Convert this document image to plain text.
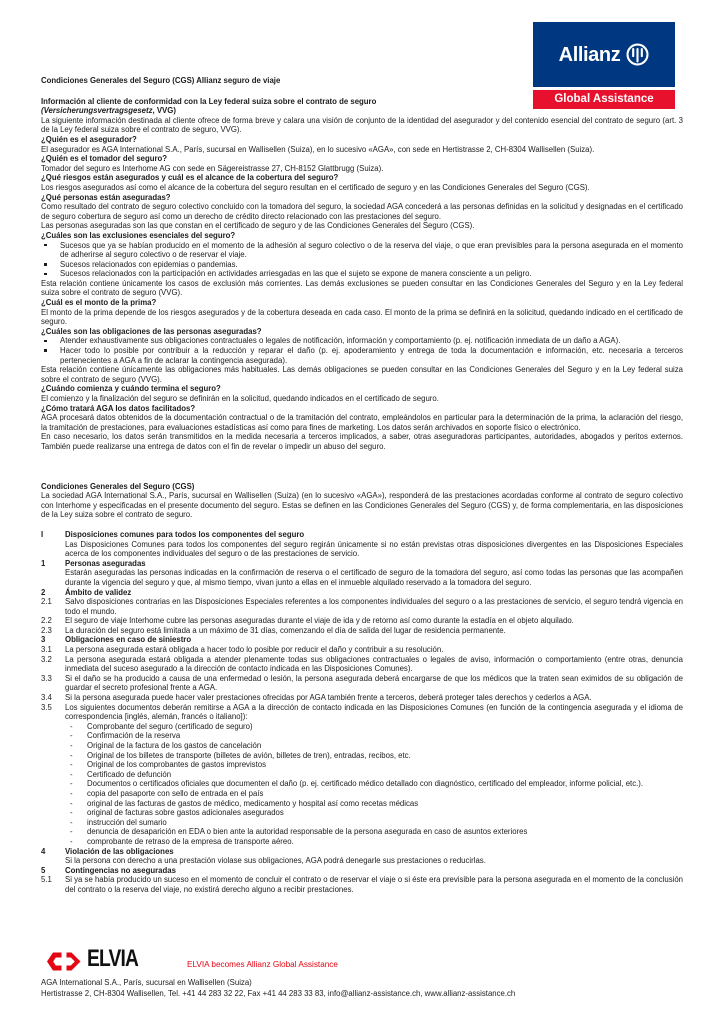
Allianz
Global Assistance
Condiciones Generales del Seguro (CGS) Allianz seguro de viaje
Información al cliente de conformidad con la Ley federal suiza sobre el contrato de seguro
(Versicherungsvertragsgesetz, VVG)
La siguiente información destinada al cliente ofrece de forma breve y calara una visión de conjunto de la identidad del asegurador y del contenido esencial del contrato de seguro (art. 3 de la Ley federal suiza sobre el contrato de seguro, VVG).
¿Quién es el asegurador?
El asegurador es AGA International S.A., París, sucursal en Wallisellen (Suiza), en lo sucesivo «AGA», con sede en Hertistrasse 2, CH-8304 Wallisellen (Suiza).
¿Quién es el tomador del seguro?
Tomador del seguro es Interhome AG con sede en Sägereistrasse 27, CH-8152 Glattbrugg (Suiza).
¿Qué riesgos están asegurados y cuál es el alcance de la cobertura del seguro?
Los riesgos asegurados así como el alcance de la cobertura del seguro resultan en el certificado de seguro y en las Condiciones Generales del Seguro (CGS).
¿Qué personas están aseguradas?
Como resultado del contrato de seguro colectivo concluido con la tomadora del seguro, la sociedad AGA concederá a las personas definidas en la solicitud y designadas en el certificado de seguro cobertura de seguro así como un derecho de crédito directo relacionado con las prestaciones del seguro.
Las personas aseguradas son las que constan en el certificado de seguro y de las Condiciones Generales del Seguro (CGS).
¿Cuáles son las exclusiones esenciales del seguro?
Sucesos que ya se habían producido en el momento de la adhesión al seguro colectivo o de la reserva del viaje, o que eran previsibles para la persona asegurada en el momento de adherirse al seguro colectivo o de reservar el viaje.
Sucesos relacionados con epidemias o pandemias.
Sucesos relacionados con la participación en actividades arriesgadas en las que el sujeto se expone de manera consciente a un peligro.
Esta relación contiene únicamente los casos de exclusión más corrientes. Las demás exclusiones se pueden consultar en las Condiciones Generales del Seguro y en la Ley federal suiza sobre el contrato de seguro (VVG).
¿Cuál es el monto de la prima?
El monto de la prima depende de los riesgos asegurados y de la cobertura deseada en cada caso. El monto de la prima se definirá en la solicitud, quedando indicado en el certificado de seguro.
¿Cuáles son las obligaciones de las personas aseguradas?
Atender exhaustivamente sus obligaciones contractuales o legales de notificación, información y comportamiento (p. ej. notificación inmediata de un daño a AGA).
Hacer todo lo posible por contribuir a la reducción y reparar el daño (p. ej. apoderamiento y entrega de toda la documentación e información, etc. necesaria a terceros pertenecientes a AGA a fin de aclarar la contingencia asegurada).
Esta relación contiene únicamente las obligaciones más habituales. Las demás obligaciones se pueden consultar en las Condiciones Generales del Seguro y en la Ley federal suiza sobre el contrato de seguro (VVG).
¿Cuándo comienza y cuándo termina el seguro?
El comienzo y la finalización del seguro se definirán en la solicitud, quedando indicados en el certificado de seguro.
¿Cómo tratará AGA los datos facilitados?
AGA procesará datos obtenidos de la documentación contractual o de la tramitación del contrato, empleándolos en particular para la determinación de la prima, la aclaración del riesgo, la tramitación de prestaciones, para evaluaciones estadísticas así como para fines de marketing. Los datos serán archivados en soporte físico o electrónico.
En caso necesario, los datos serán transmitidos en la medida necesaria a terceros implicados, a saber, otras aseguradoras participantes, autoridades, abogados y peritos externos. También puede realizarse una entrega de datos con el fin de revelar o impedir un abuso del seguro.
Condiciones Generales del Seguro (CGS)
La sociedad AGA International S.A., París, sucursal en Wallisellen (Suiza) (en lo sucesivo «AGA»), responderá de las prestaciones acordadas conforme al contrato de seguro colectivo con Interhome y especificadas en el presente documento del seguro. Estas se definen en las Condiciones Generales del Seguro (CGS) y, de forma complementaria, en las disposiciones de la Ley suiza sobre el contrato de seguro.
I	Disposiciones comunes para todos los componentes del seguro
Las Disposiciones Comunes para todos los componentes del seguro regirán únicamente si no están previstas otras disposiciones divergentes en las Disposiciones Especiales acerca de los componentes individuales del seguro o de las prestaciones de servicio.
1	Personas aseguradas
Estarán aseguradas las personas indicadas en la confirmación de reserva o el certificado de seguro de la tomadora del seguro, así como todas las personas que las acompañen durante la vigencia del seguro y que, al mismo tiempo, vivan junto a ellas en el inmueble alquilado reservado a la tomadora del seguro.
2	Ámbito de validez
2.1 Salvo disposiciones contrarias en las Disposiciones Especiales referentes a los componentes individuales del seguro o a las prestaciones de servicio, el seguro tendrá vigencia en todo el mundo.
2.2 El seguro de viaje Interhome cubre las personas aseguradas durante el viaje de ida y de retorno así como durante la estadía en el objeto alquilado.
2.3 La duración del seguro está limitada a un máximo de 31 días, comenzando el día de salida del lugar de residencia permanente.
3	Obligaciones en caso de siniestro
3.1 La persona asegurada estará obligada a hacer todo lo posible por reducir el daño y contribuir a su resolución.
3.2 La persona asegurada estará obligada a atender plenamente todas sus obligaciones contractuales o legales de aviso, información o comportamiento (entre otras, denuncia inmediata del suceso asegurado a la dirección de contacto indicada en las Disposiciones Comunes).
3.3 Si el daño se ha producido a causa de una enfermedad o lesión, la persona asegurada deberá encargarse de que los médicos que la traten sean eximidos de su obligación de guardar el secreto profesional frente a AGA.
3.4 Si la persona asegurada puede hacer valer prestaciones ofrecidas por AGA también frente a terceros, deberá proteger tales derechos y cederlos a AGA.
3.5 Los siguientes documentos deberán remitirse a AGA a la dirección de contacto indicada en las Disposiciones Comunes (en función de la contingencia asegurada y el idioma de correspondencia [inglés, alemán, francés o italiano]):
- Comprobante del seguro (certificado de seguro)
- Confirmación de la reserva
- Original de la factura de los gastos de cancelación
- Original de los billetes de transporte (billetes de avión, billetes de tren), entradas, recibos, etc.
- Original de los comprobantes de gastos imprevistos
- Certificado de defunción
- Documentos o certificados oficiales que documenten el daño (p. ej. certificado médico detallado con diagnóstico, certificado del empleador, informe policial, etc.).
- copia del pasaporte con sello de entrada en el país
- original de las facturas de gastos de médico, medicamento y hospital así como recetas médicas
- original de facturas sobre gastos adicionales asegurados
- instrucción del sumario
- denuncia de desaparición en EDA o bien ante la autoridad responsable de la persona asegurada en caso de asuntos exteriores
- comprobante de retraso de la empresa de transporte aéreo.
4	Violación de las obligaciones
Si la persona con derecho a una prestación violase sus obligaciones, AGA podrá denegarle sus prestaciones o reducirlas.
5	Contingencias no aseguradas
5.1 Si ya se había producido un suceso en el momento de concluir el contrato o de reservar el viaje o si éste era previsible para la persona asegurada en el momento de la conclusión del contrato o la reserva del viaje, no existirá derecho alguno a recibir prestaciones.
ELVIA	ELVIA becomes Allianz Global Assistance
AGA International S.A., París, sucursal en Wallisellen (Suiza)
Hertistrasse 2, CH-8304 Wallisellen, Tel. +41 44 283 32 22, Fax +41 44 283 33 83, info@allianz-assistance.ch, www.allianz-assistance.ch
